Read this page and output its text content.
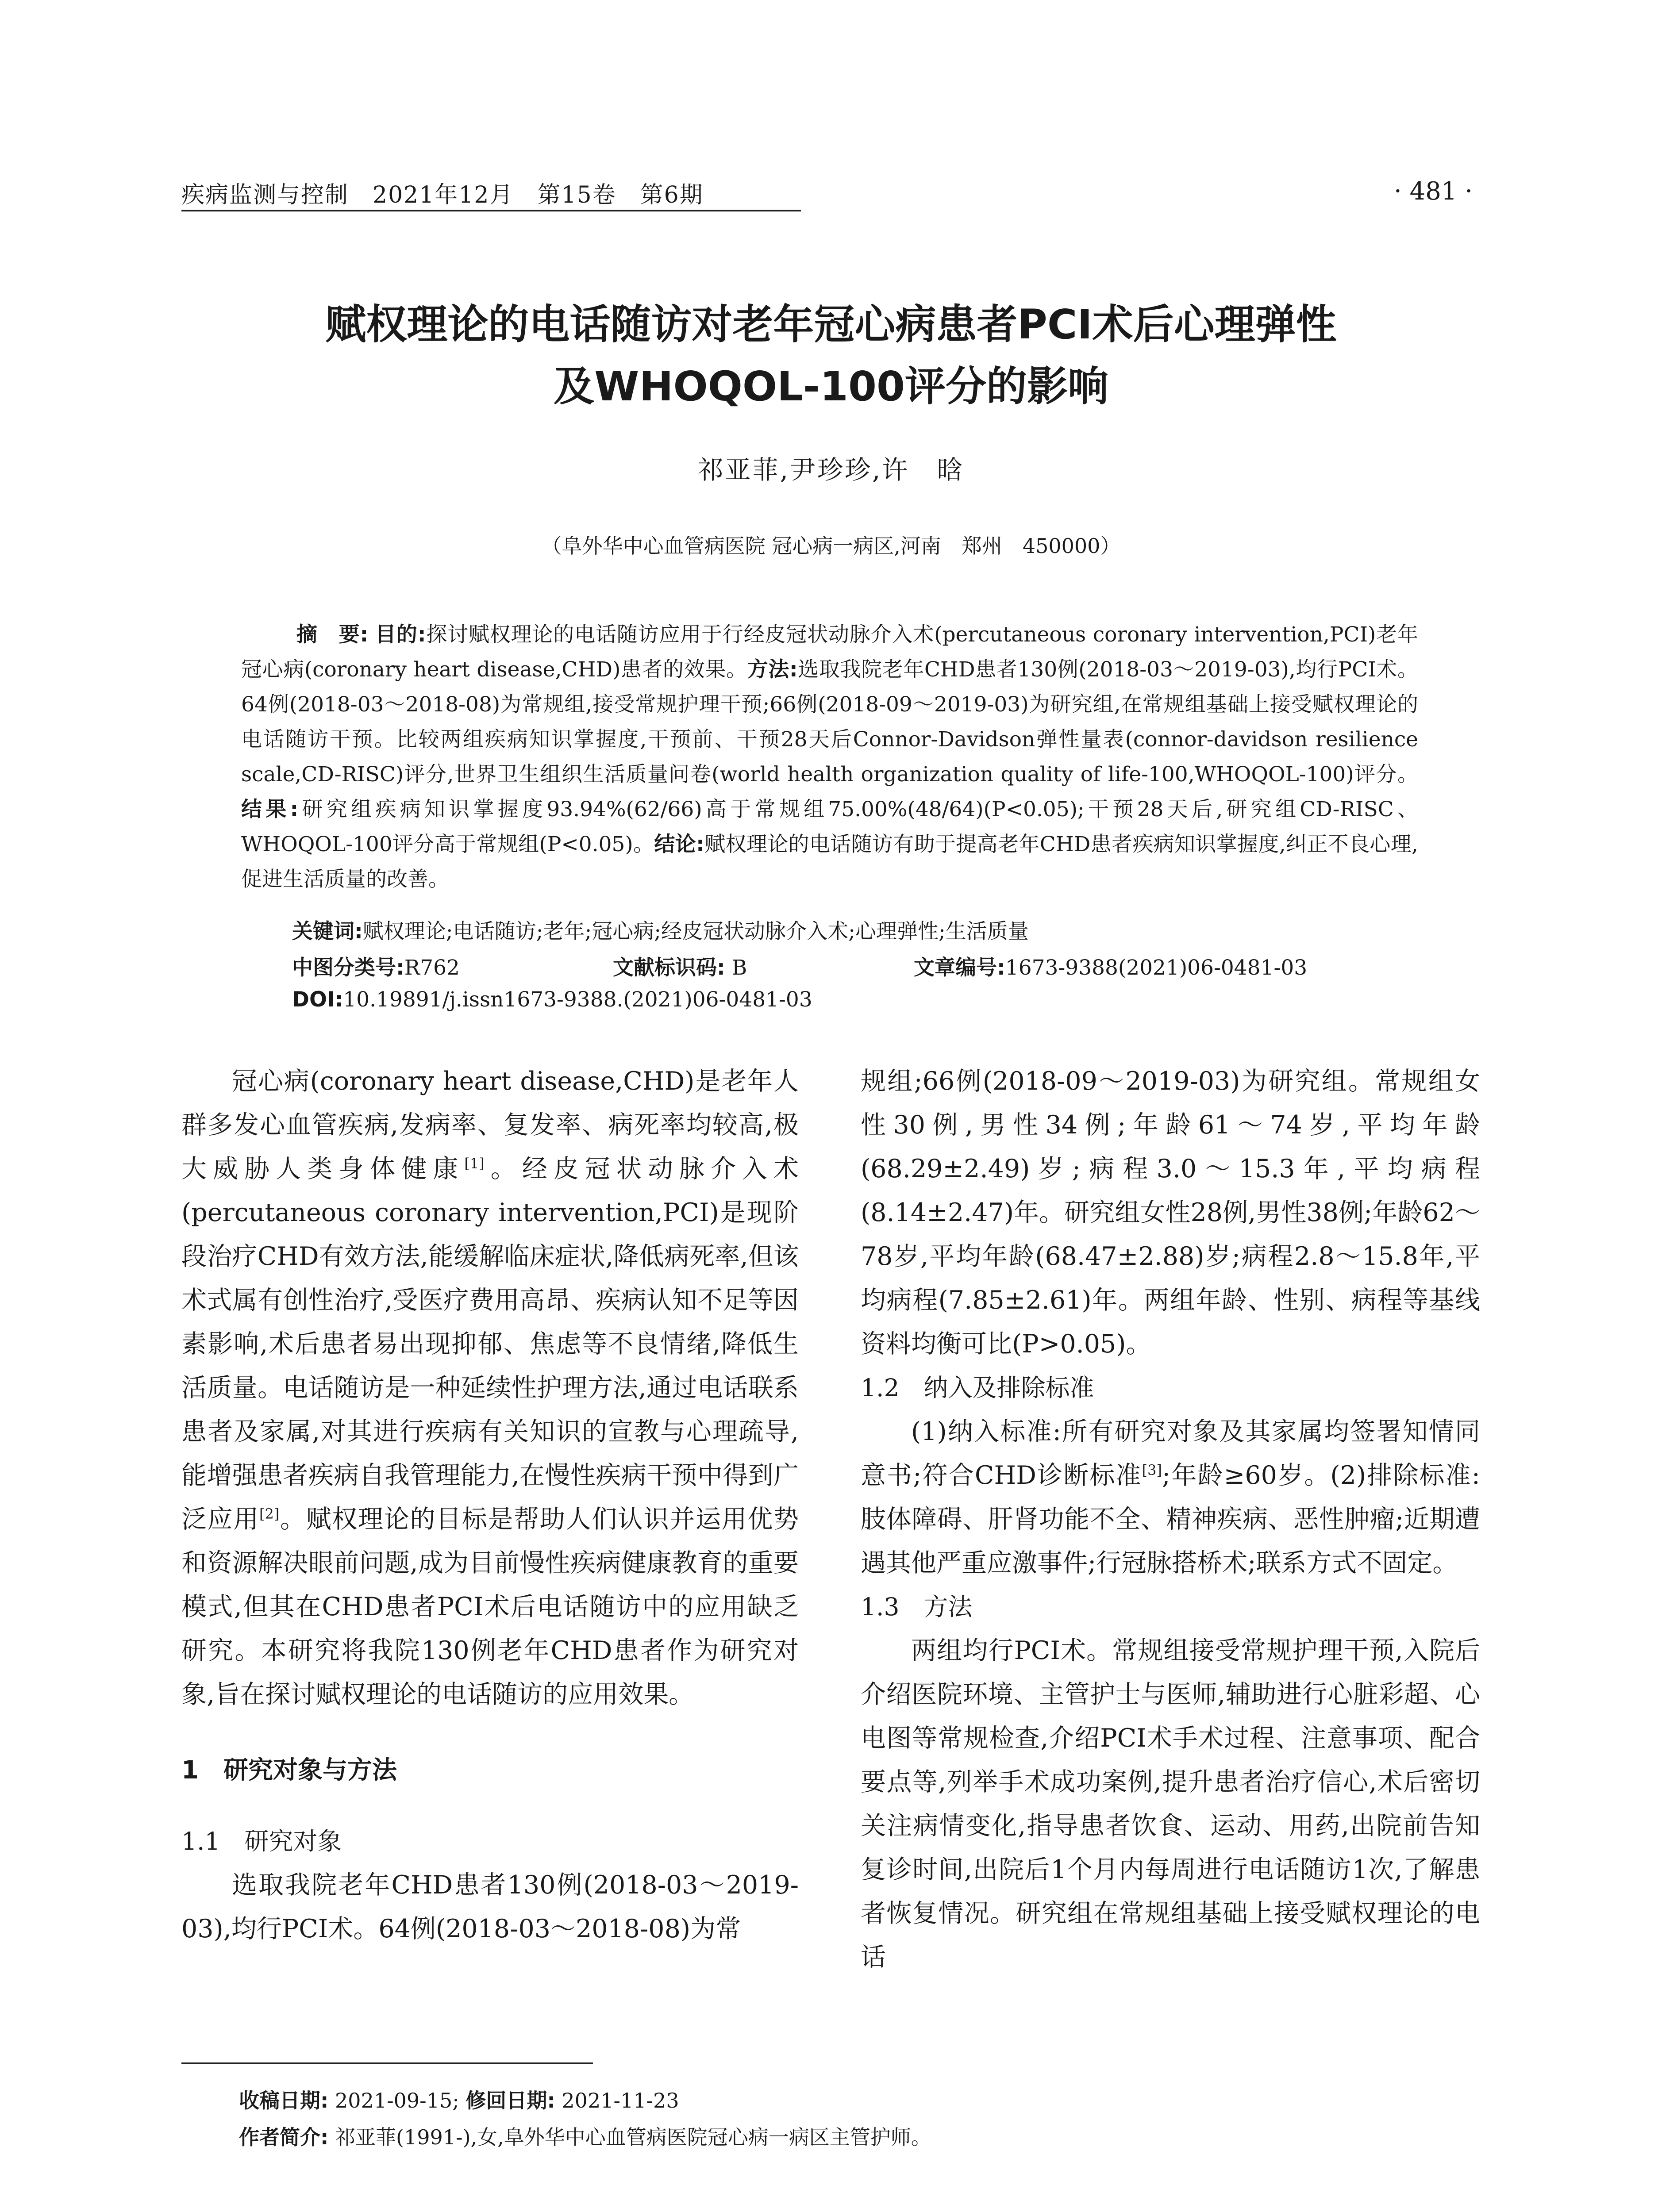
疾病监测与控制　2021年12月　第15卷　第6期	· 481 ·
赋权理论的电话随访对老年冠心病患者PCI术后心理弹性
及WHOQOL-100评分的影响
祁亚菲,尹珍珍,许　晗
（阜外华中心血管病医院 冠心病一病区,河南　郑州　450000）
摘　要: 目的:探讨赋权理论的电话随访应用于行经皮冠状动脉介入术(percutaneous coronary intervention,PCI)老年冠心病(coronary heart disease,CHD)患者的效果。方法:选取我院老年CHD患者130例(2018-03～2019-03),均行PCI术。64例(2018-03～2018-08)为常规组,接受常规护理干预;66例(2018-09～2019-03)为研究组,在常规组基础上接受赋权理论的电话随访干预。比较两组疾病知识掌握度,干预前、干预28天后Connor-Davidson弹性量表(connor-davidson resilience scale,CD-RISC)评分,世界卫生组织生活质量问卷(world health organization quality of life-100,WHOQOL-100)评分。结果:研究组疾病知识掌握度93.94%(62/66)高于常规组75.00%(48/64)(P<0.05);干预28天后,研究组CD-RISC、WHOQOL-100评分高于常规组(P<0.05)。结论:赋权理论的电话随访有助于提高老年CHD患者疾病知识掌握度,纠正不良心理,促进生活质量的改善。
关键词:赋权理论;电话随访;老年;冠心病;经皮冠状动脉介入术;心理弹性;生活质量
中图分类号:R762	文献标识码: B	文章编号:1673-9388(2021)06-0481-03
DOI:10.19891/j.issn1673-9388.(2021)06-0481-03

冠心病(coronary heart disease,CHD)是老年人群多发心血管疾病,发病率、复发率、病死率均较高,极大威胁人类身体健康[1]。经皮冠状动脉介入术(percutaneous coronary intervention,PCI)是现阶段治疗CHD有效方法,能缓解临床症状,降低病死率,但该术式属有创性治疗,受医疗费用高昂、疾病认知不足等因素影响,术后患者易出现抑郁、焦虑等不良情绪,降低生活质量。电话随访是一种延续性护理方法,通过电话联系患者及家属,对其进行疾病有关知识的宣教与心理疏导,能增强患者疾病自我管理能力,在慢性疾病干预中得到广泛应用[2]。赋权理论的目标是帮助人们认识并运用优势和资源解决眼前问题,成为目前慢性疾病健康教育的重要模式,但其在CHD患者PCI术后电话随访中的应用缺乏研究。本研究将我院130例老年CHD患者作为研究对象,旨在探讨赋权理论的电话随访的应用效果。

1　研究对象与方法

1.1　研究对象

选取我院老年CHD患者130例(2018-03～2019-03),均行PCI术。64例(2018-03～2018-08)为常

规组;66例(2018-09～2019-03)为研究组。常规组女性30例,男性34例;年龄61～74岁,平均年龄(68.29±2.49)岁;病程3.0～15.3年,平均病程(8.14±2.47)年。研究组女性28例,男性38例;年龄62～78岁,平均年龄(68.47±2.88)岁;病程2.8～15.8年,平均病程(7.85±2.61)年。两组年龄、性别、病程等基线资料均衡可比(P>0.05)。

1.2　纳入及排除标准

(1)纳入标准:所有研究对象及其家属均签署知情同意书;符合CHD诊断标准[3];年龄≥60岁。(2)排除标准:肢体障碍、肝肾功能不全、精神疾病、恶性肿瘤;近期遭遇其他严重应激事件;行冠脉搭桥术;联系方式不固定。

1.3　方法

两组均行PCI术。常规组接受常规护理干预,入院后介绍医院环境、主管护士与医师,辅助进行心脏彩超、心电图等常规检查,介绍PCI术手术过程、注意事项、配合要点等,列举手术成功案例,提升患者治疗信心,术后密切关注病情变化,指导患者饮食、运动、用药,出院前告知复诊时间,出院后1个月内每周进行电话随访1次,了解患者恢复情况。研究组在常规组基础上接受赋权理论的电话

收稿日期: 2021-09-15; 修回日期: 2021-11-23
作者简介: 祁亚菲(1991-),女,阜外华中心血管病医院冠心病一病区主管护师。
